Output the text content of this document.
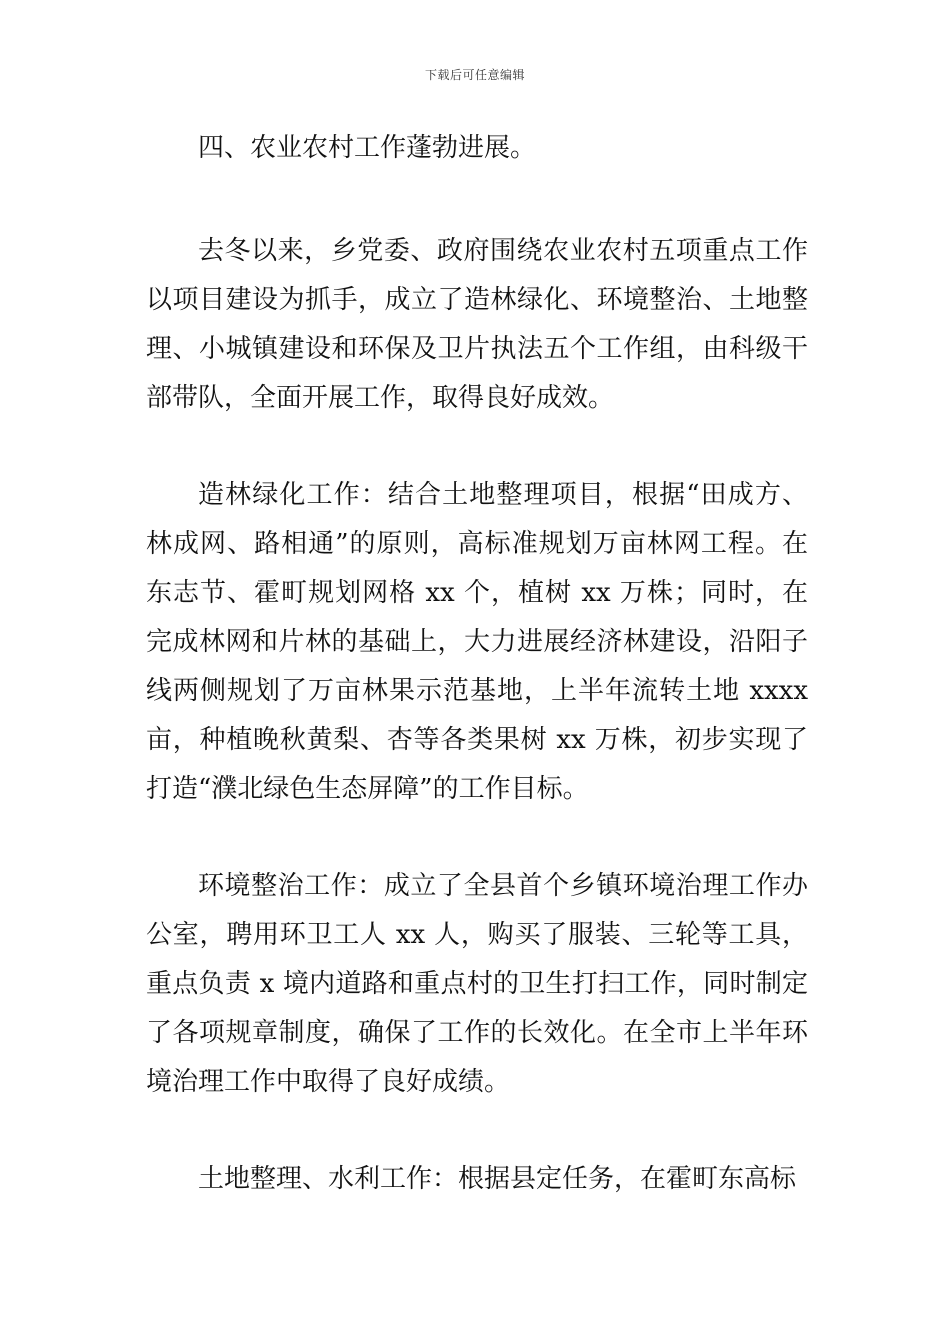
下载后可任意编辑

四、农业农村工作蓬勃进展。

去冬以来，乡党委、政府围绕农业农村五项重点工作以项目建设为抓手，成立了造林绿化、环境整治、土地整理、小城镇建设和环保及卫片执法五个工作组，由科级干部带队，全面开展工作，取得良好成效。

造林绿化工作：结合土地整理项目，根据“田成方、林成网、路相通”的原则，高标准规划万亩林网工程。在东志节、霍町规划网格 xx 个，植树 xx 万株；同时，在完成林网和片林的基础上，大力进展经济林建设，沿阳子线两侧规划了万亩林果示范基地，上半年流转土地 xxxx 亩，种植晚秋黄梨、杏等各类果树 xx 万株，初步实现了打造“濮北绿色生态屏障”的工作目标。

环境整治工作：成立了全县首个乡镇环境治理工作办公室，聘用环卫工人 xx 人，购买了服装、三轮等工具，重点负责 x 境内道路和重点村的卫生打扫工作，同时制定了各项规章制度，确保了工作的长效化。在全市上半年环境治理工作中取得了良好成绩。

土地整理、水利工作：根据县定任务，在霍町东高标
